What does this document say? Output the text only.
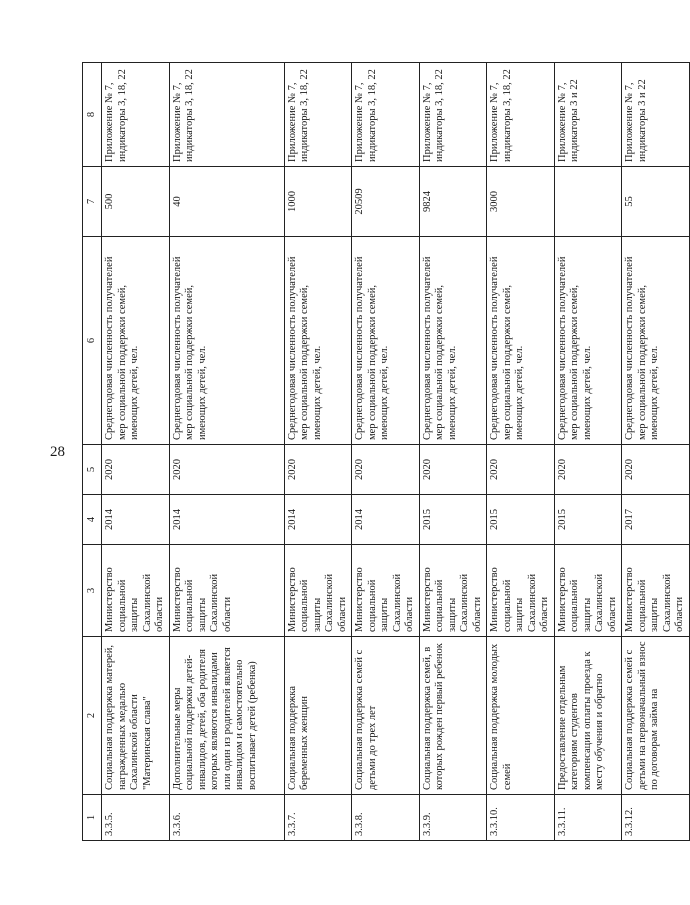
28
1	2	3	4	5	6	7	8
3.3.5.	Социальная поддержка матерей, награжденных медалью Сахалинской области "Материнская слава"	Министерство социальной защиты Сахалинской области	2014	2020	Среднегодовая численность получателей мер социальной поддержки семей, имеющих детей, чел.	500	Приложение № 7, индикаторы 3, 18, 22
3.3.6.	Дополнительные меры социальной поддержки детей-инвалидов, детей, оба родителя которых являются инвалидами или один из родителей является инвалидом и самостоятельно воспитывает детей (ребенка)	Министерство социальной защиты Сахалинской области	2014	2020	Среднегодовая численность получателей мер социальной поддержки семей, имеющих детей, чел.	40	Приложение № 7, индикаторы 3, 18, 22
3.3.7.	Социальная поддержка беременных женщин	Министерство социальной защиты Сахалинской области	2014	2020	Среднегодовая численность получателей мер социальной поддержки семей, имеющих детей, чел.	1000	Приложение № 7, индикаторы 3, 18, 22
3.3.8.	Социальная поддержка семей с детьми до трех лет	Министерство социальной защиты Сахалинской области	2014	2020	Среднегодовая численность получателей мер социальной поддержки семей, имеющих детей, чел.	20509	Приложение № 7, индикаторы 3, 18, 22
3.3.9.	Социальная поддержка семей, в которых рожден первый ребенок	Министерство социальной защиты Сахалинской области	2015	2020	Среднегодовая численность получателей мер социальной поддержки семей, имеющих детей, чел.	9824	Приложение № 7, индикаторы 3, 18, 22
3.3.10.	Социальная поддержка молодых семей	Министерство социальной защиты Сахалинской области	2015	2020	Среднегодовая численность получателей мер социальной поддержки семей, имеющих детей, чел.	3000	Приложение № 7, индикаторы 3, 18, 22
3.3.11.	Предоставление отдельным категориям студентов компенсации оплаты проезда к месту обучения и обратно	Министерство социальной защиты Сахалинской области	2015	2020	Среднегодовая численность получателей мер социальной поддержки семей, имеющих детей, чел.		Приложение № 7, индикаторы 3 и 22
3.3.12.	Социальная поддержка семей с детьми на первоначальный взнос по договорам займа на	Министерство социальной защиты Сахалинской области	2017	2020	Среднегодовая численность получателей мер социальной поддержки семей, имеющих детей, чел.	55	Приложение № 7, индикаторы 3 и 22
